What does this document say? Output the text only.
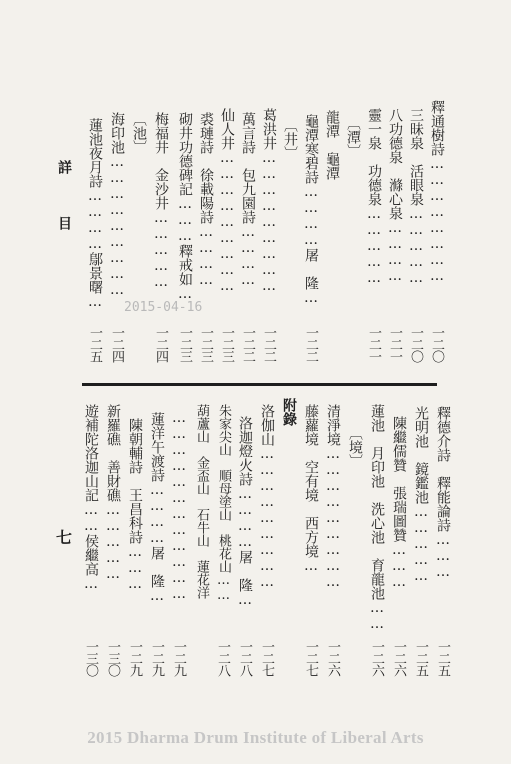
釋通樹詩……………………
一二〇
三昧泉　活眼泉……………
一二〇
八功德泉　滌心泉…………
一二一
靈一泉　功德泉……………
一二一
〔潭〕
龍潭　龜潭
龜潭寒碧詩…………屠　隆…
一二二
〔井〕
葛洪井………………………
一二二
萬言詩　包九園詩…………
一二二
仙人井………………………
一二三
裘璉詩　徐載陽詩…………
一二三
砌井功德碑記………釋戒如…
一二三
梅福井　金沙井……………
一二四
〔池〕
海印池………………………
一二四
蓮池夜月詩…………鄔景曙…
一二五
詳　目
2015-04-16
釋德介詩　釋能論詩………
一二五
光明池　鏡鑑池……………
一二五
陳繼儒贊　張瑞圖贊………
一二六
蓮池　月印池　洗心池　育龍池……
一二六
〔境〕
清淨境………………………
一二六
藤蘿境　空有境　西方境…
一二七
附錄
洛伽山………………………
一二七
洛迦燈火詩…………屠　隆…
一二八
朱家尖山　順母塗山　桃花山……
一二八
葫蘆山　金盃山　石牛山　蓮花洋
………………………………
一二九
蓮洋午渡詩…………屠　隆…
一二九
陳朝輔詩　王昌科詩………
一二九
新羅礁　善財礁……………
一三〇
遊補陀洛迦山記……侯繼高…
一三〇
七
2015 Dharma Drum Institute of Liberal Arts
